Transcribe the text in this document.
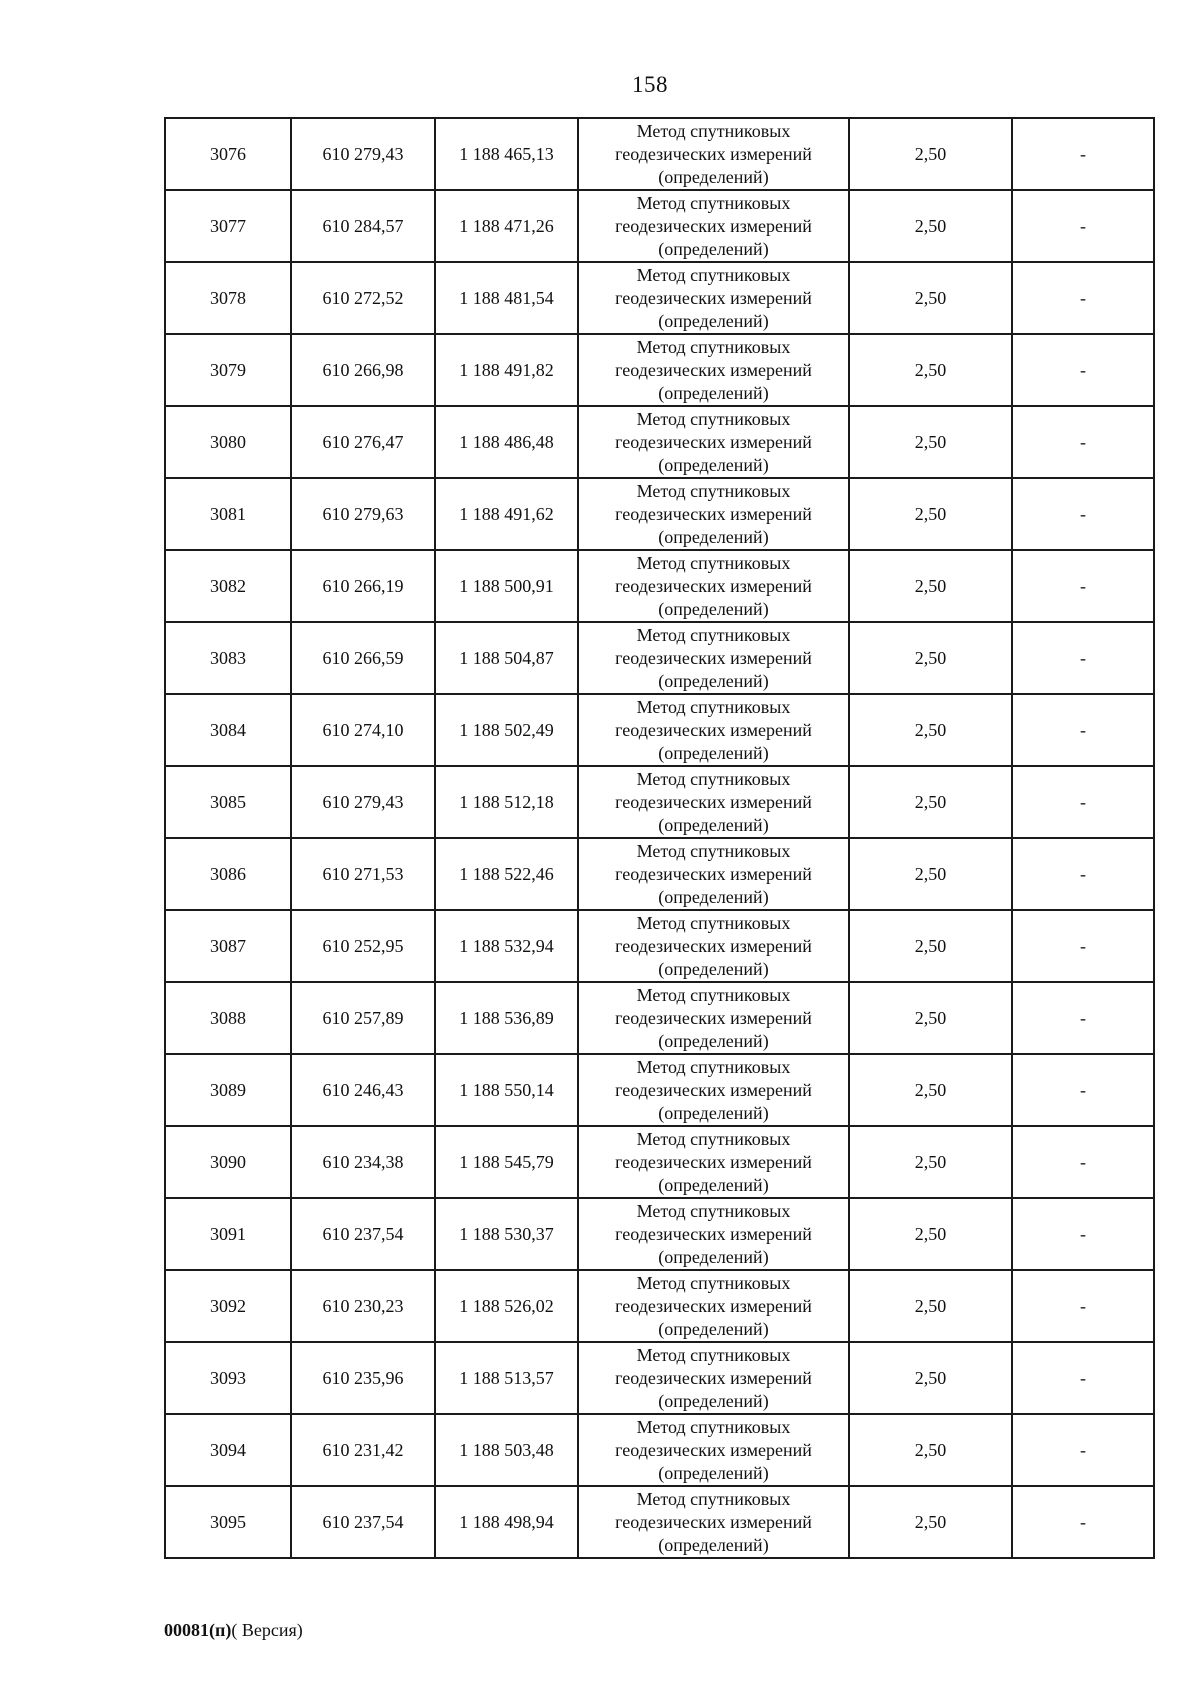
158
3076	610 279,43	1 188 465,13	Метод спутниковых
геодезических измерений
(определений)	2,50	-
3077	610 284,57	1 188 471,26	Метод спутниковых
геодезических измерений
(определений)	2,50	-
3078	610 272,52	1 188 481,54	Метод спутниковых
геодезических измерений
(определений)	2,50	-
3079	610 266,98	1 188 491,82	Метод спутниковых
геодезических измерений
(определений)	2,50	-
3080	610 276,47	1 188 486,48	Метод спутниковых
геодезических измерений
(определений)	2,50	-
3081	610 279,63	1 188 491,62	Метод спутниковых
геодезических измерений
(определений)	2,50	-
3082	610 266,19	1 188 500,91	Метод спутниковых
геодезических измерений
(определений)	2,50	-
3083	610 266,59	1 188 504,87	Метод спутниковых
геодезических измерений
(определений)	2,50	-
3084	610 274,10	1 188 502,49	Метод спутниковых
геодезических измерений
(определений)	2,50	-
3085	610 279,43	1 188 512,18	Метод спутниковых
геодезических измерений
(определений)	2,50	-
3086	610 271,53	1 188 522,46	Метод спутниковых
геодезических измерений
(определений)	2,50	-
3087	610 252,95	1 188 532,94	Метод спутниковых
геодезических измерений
(определений)	2,50	-
3088	610 257,89	1 188 536,89	Метод спутниковых
геодезических измерений
(определений)	2,50	-
3089	610 246,43	1 188 550,14	Метод спутниковых
геодезических измерений
(определений)	2,50	-
3090	610 234,38	1 188 545,79	Метод спутниковых
геодезических измерений
(определений)	2,50	-
3091	610 237,54	1 188 530,37	Метод спутниковых
геодезических измерений
(определений)	2,50	-
3092	610 230,23	1 188 526,02	Метод спутниковых
геодезических измерений
(определений)	2,50	-
3093	610 235,96	1 188 513,57	Метод спутниковых
геодезических измерений
(определений)	2,50	-
3094	610 231,42	1 188 503,48	Метод спутниковых
геодезических измерений
(определений)	2,50	-
3095	610 237,54	1 188 498,94	Метод спутниковых
геодезических измерений
(определений)	2,50	-
00081(п)( Версия)
